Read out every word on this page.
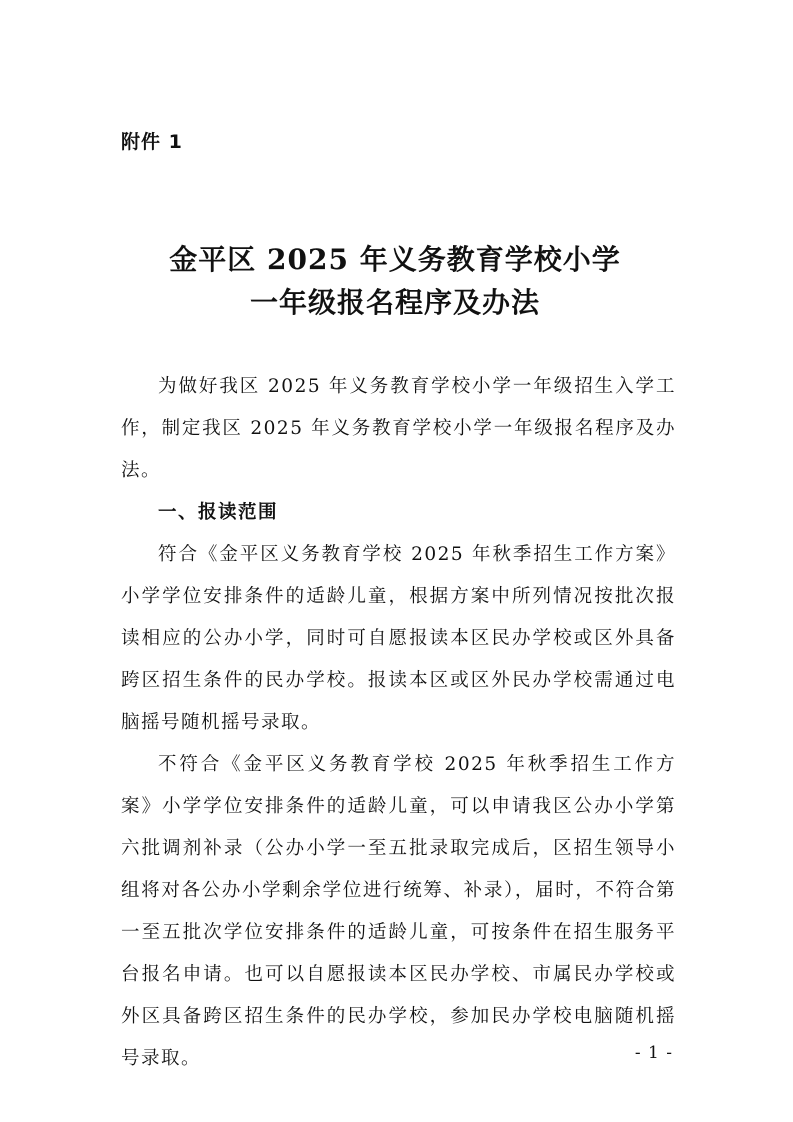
附件 1
金平区 2025 年义务教育学校小学
一年级报名程序及办法

为做好我区 2025 年义务教育学校小学一年级招生入学工作，制定我区 2025 年义务教育学校小学一年级报名程序及办法。

一、报读范围

符合《金平区义务教育学校 2025 年秋季招生工作方案》小学学位安排条件的适龄儿童，根据方案中所列情况按批次报读相应的公办小学，同时可自愿报读本区民办学校或区外具备跨区招生条件的民办学校。报读本区或区外民办学校需通过电脑摇号随机摇号录取。

不符合《金平区义务教育学校 2025 年秋季招生工作方案》小学学位安排条件的适龄儿童，可以申请我区公办小学第六批调剂补录（公办小学一至五批录取完成后，区招生领导小组将对各公办小学剩余学位进行统筹、补录），届时，不符合第一至五批次学位安排条件的适龄儿童，可按条件在招生服务平台报名申请。也可以自愿报读本区民办学校、市属民办学校或外区具备跨区招生条件的民办学校，参加民办学校电脑随机摇号录取。	- 1 -
